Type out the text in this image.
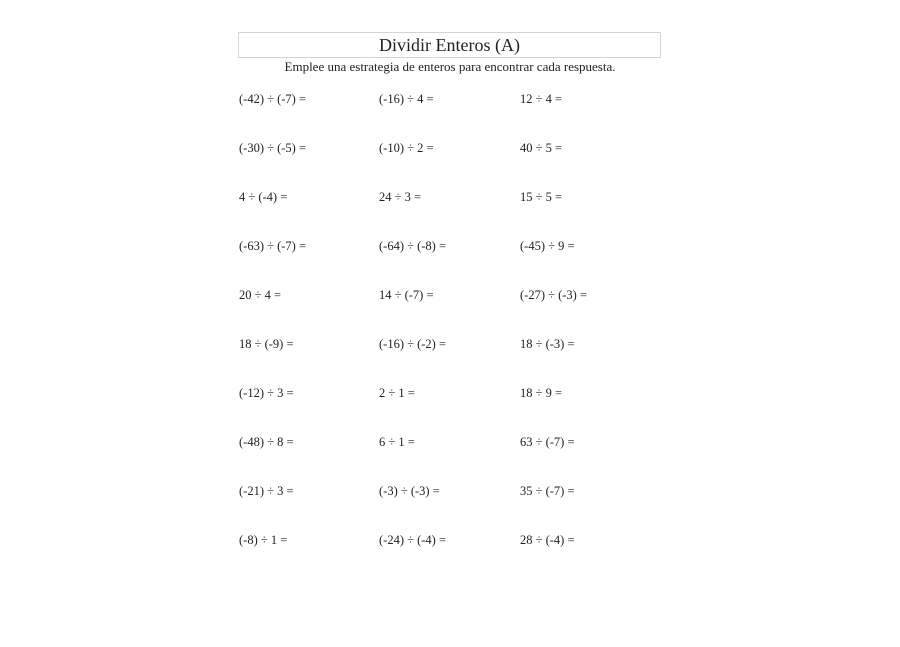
Dividir Enteros (A)
Emplee una estrategia de enteros para encontrar cada respuesta.
(-42) ÷ (-7) =	(-16) ÷ 4 =	12 ÷ 4 =
(-30) ÷ (-5) =	(-10) ÷ 2 =	40 ÷ 5 =
4 ÷ (-4) =	24 ÷ 3 =	15 ÷ 5 =
(-63) ÷ (-7) =	(-64) ÷ (-8) =	(-45) ÷ 9 =
20 ÷ 4 =	14 ÷ (-7) =	(-27) ÷ (-3) =
18 ÷ (-9) =	(-16) ÷ (-2) =	18 ÷ (-3) =
(-12) ÷ 3 =	2 ÷ 1 =	18 ÷ 9 =
(-48) ÷ 8 =	6 ÷ 1 =	63 ÷ (-7) =
(-21) ÷ 3 =	(-3) ÷ (-3) =	35 ÷ (-7) =
(-8) ÷ 1 =	(-24) ÷ (-4) =	28 ÷ (-4) =
